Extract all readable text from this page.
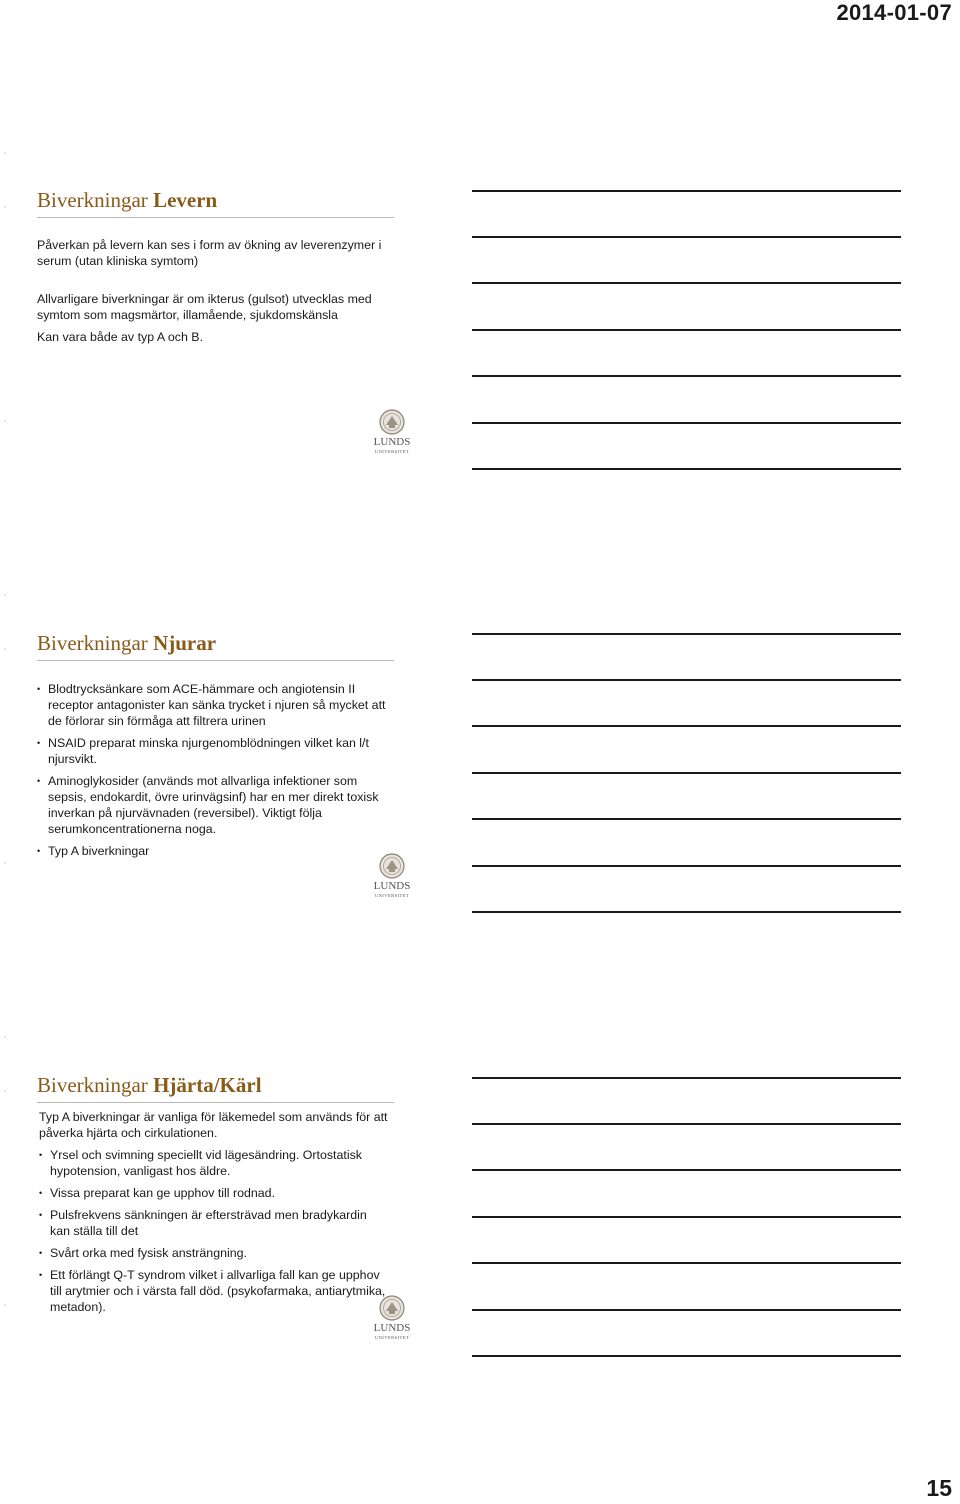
2014-01-07
Biverkningar Levern

Påverkan på levern kan ses i form av ökning av leverenzymer i serum (utan kliniska symtom)

Allvarligare biverkningar är om ikterus (gulsot) utvecklas med symtom som magsmärtor, illamående, sjukdomskänsla

Kan vara både av typ A och B.

LUNDS
UNIVERSITET
Biverkningar Njurar
• Blodtrycksänkare som ACE-hämmare och angiotensin II receptor antagonister kan sänka trycket i njuren så mycket att de förlorar sin förmåga att filtrera urinen
• NSAID preparat minska njurgenomblödningen vilket kan l/t njursvikt.
• Aminoglykosider (används mot allvarliga infektioner som sepsis, endokardit, övre urinvägsinf) har en mer direkt toxisk inverkan på njurvävnaden (reversibel). Viktigt följa serumkoncentrationerna noga.
• Typ A biverkningar
LUNDS
UNIVERSITET
Biverkningar Hjärta/Kärl

Typ A biverkningar är vanliga för läkemedel som används för att påverka hjärta och cirkulationen.

• Yrsel och svimning speciellt vid lägesändring. Ortostatisk hypotension, vanligast hos äldre.
• Vissa preparat kan ge upphov till rodnad.
• Pulsfrekvens sänkningen är eftersträvad men bradykardin kan ställa till det
• Svårt orka med fysisk ansträngning.
• Ett förlängt Q-T syndrom vilket i allvarliga fall kan ge upphov till arytmier och i värsta fall död. (psykofarmaka, antiarytmika, metadon).
LUNDS
UNIVERSITET
15
